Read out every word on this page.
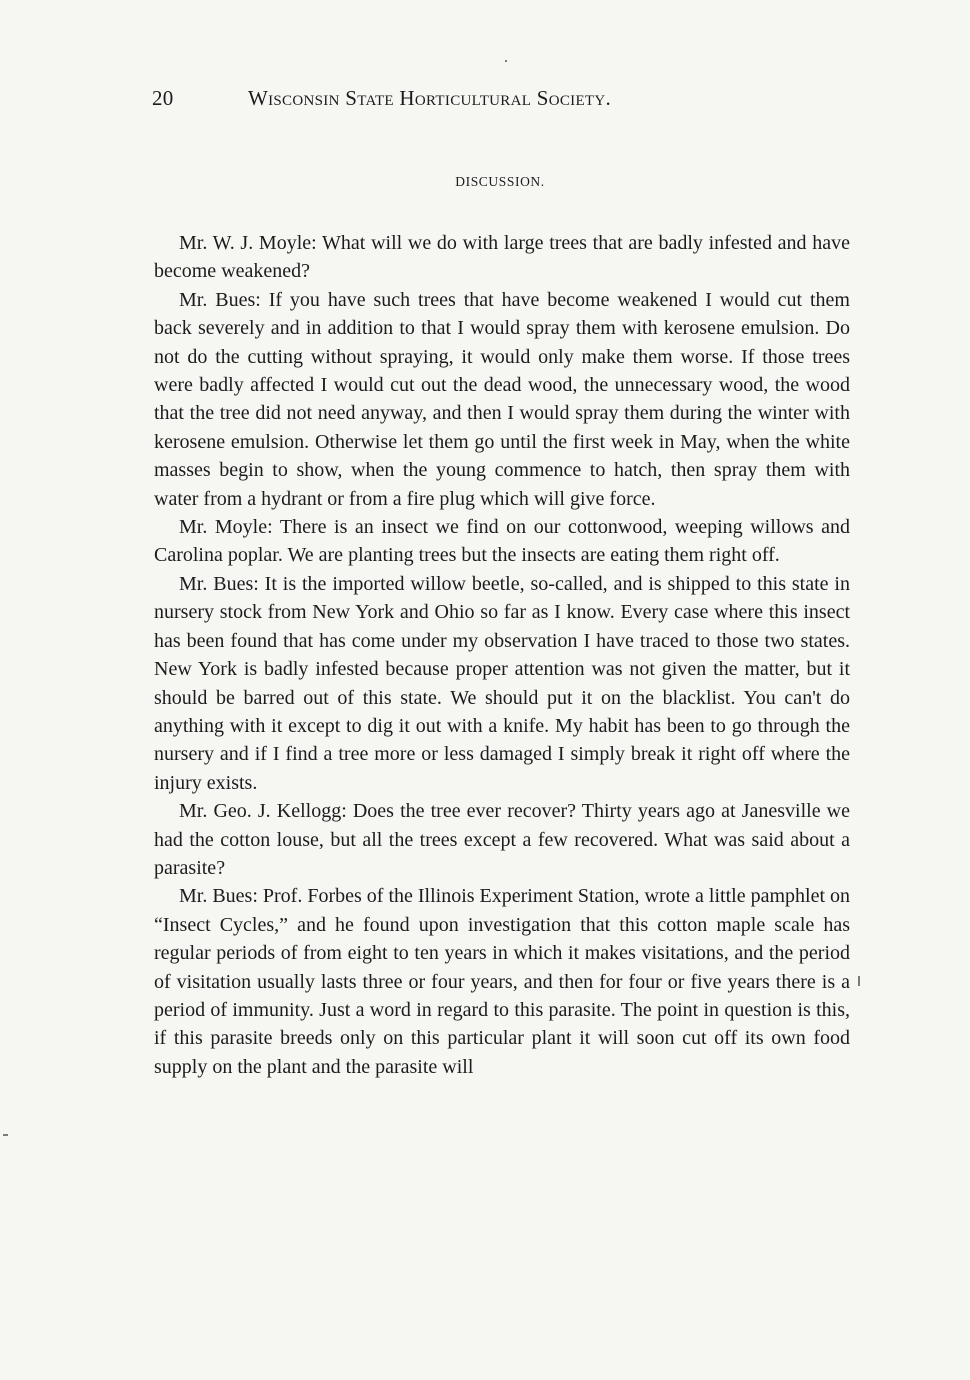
20	Wisconsin State Horticultural Society.
DISCUSSION.

Mr. W. J. Moyle: What will we do with large trees that are badly infested and have become weakened?

Mr. Bues: If you have such trees that have become weakened I would cut them back severely and in addition to that I would spray them with kerosene emulsion. Do not do the cutting without spraying, it would only make them worse. If those trees were badly affected I would cut out the dead wood, the unnecessary wood, the wood that the tree did not need anyway, and then I would spray them during the winter with kerosene emulsion. Otherwise let them go until the first week in May, when the white masses begin to show, when the young commence to hatch, then spray them with water from a hydrant or from a fire plug which will give force.

Mr. Moyle: There is an insect we find on our cottonwood, weeping willows and Carolina poplar. We are planting trees but the insects are eating them right off.

Mr. Bues: It is the imported willow beetle, so-called, and is shipped to this state in nursery stock from New York and Ohio so far as I know. Every case where this insect has been found that has come under my observation I have traced to those two states. New York is badly infested because proper attention was not given the matter, but it should be barred out of this state. We should put it on the blacklist. You can't do anything with it except to dig it out with a knife. My habit has been to go through the nursery and if I find a tree more or less damaged I simply break it right off where the injury exists.

Mr. Geo. J. Kellogg: Does the tree ever recover? Thirty years ago at Janesville we had the cotton louse, but all the trees except a few recovered. What was said about a parasite?

Mr. Bues: Prof. Forbes of the Illinois Experiment Station, wrote a little pamphlet on “Insect Cycles,” and he found upon investigation that this cotton maple scale has regular periods of from eight to ten years in which it makes visitations, and the period of visitation usually lasts three or four years, and then for four or five years there is a period of immunity. Just a word in regard to this parasite. The point in question is this, if this parasite breeds only on this particular plant it will soon cut off its own food supply on the plant and the parasite will
